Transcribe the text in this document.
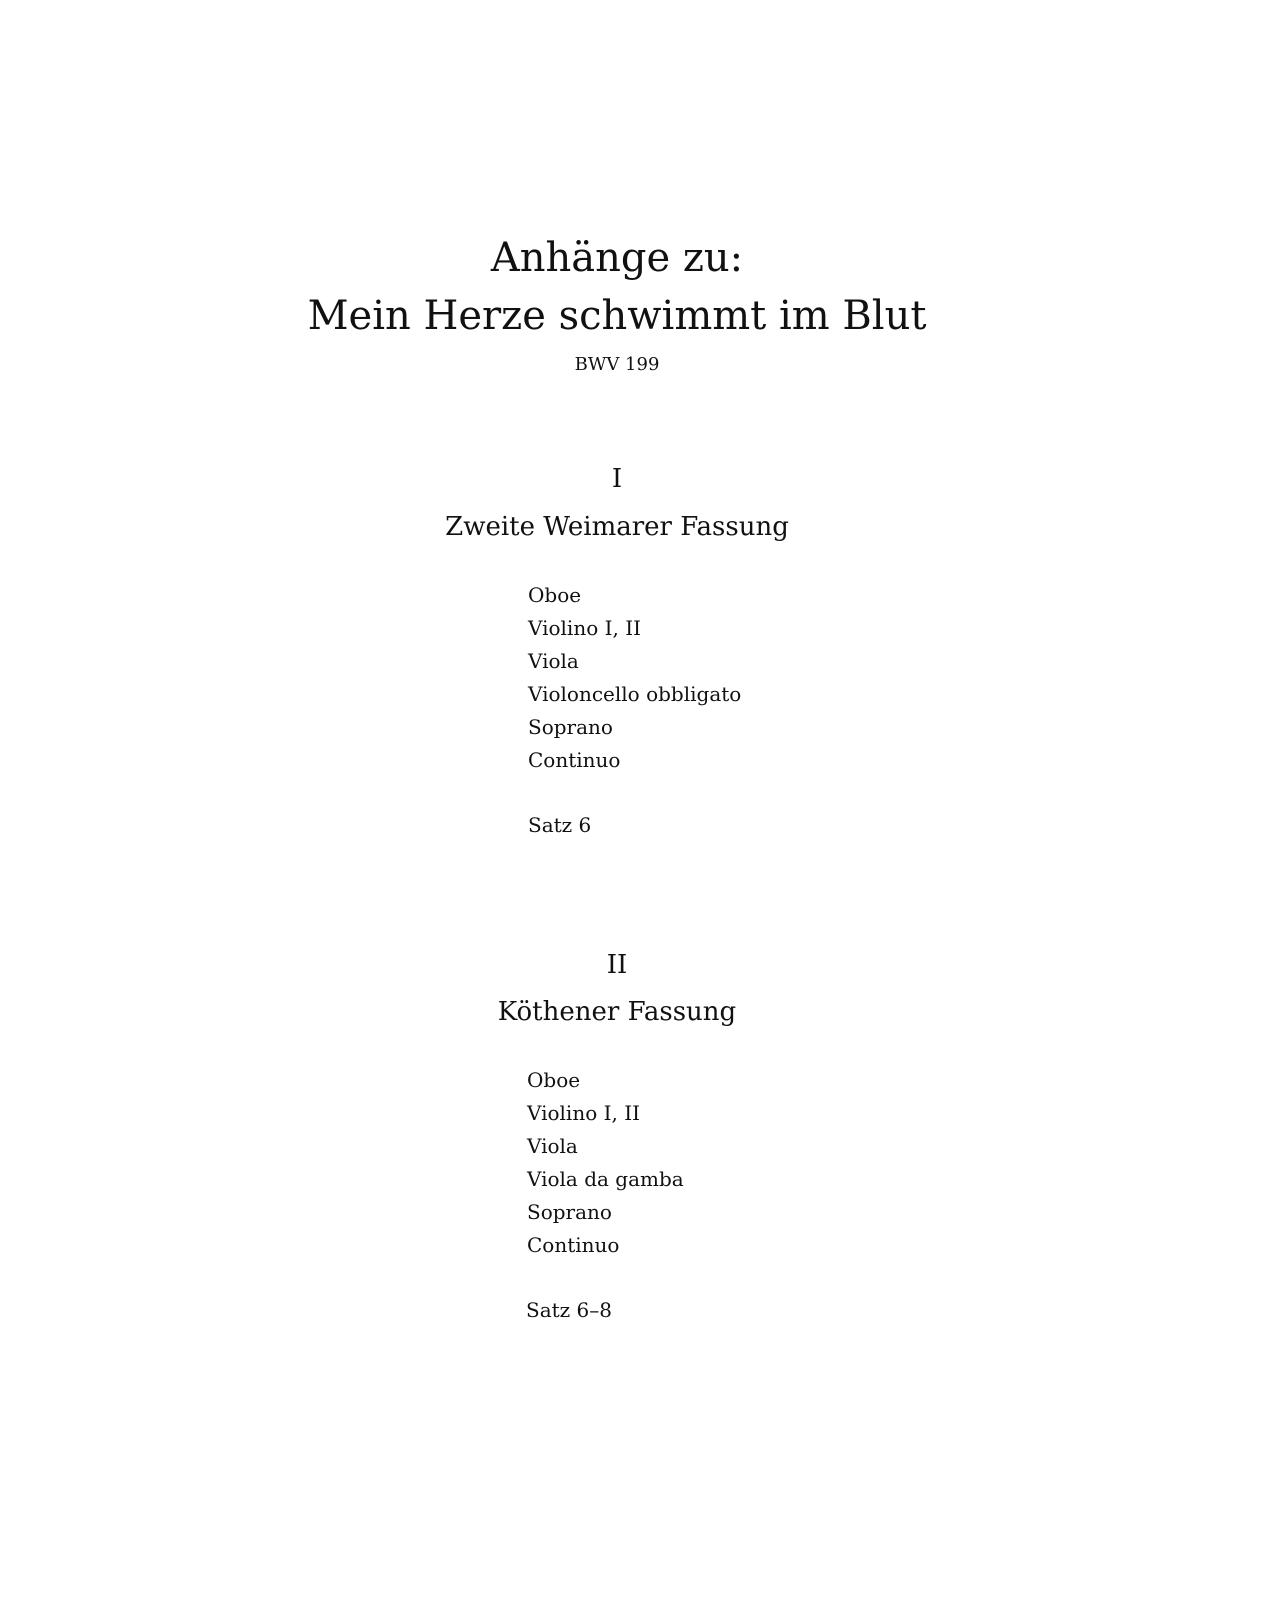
Anhänge zu:
Mein Herze schwimmt im Blut
BWV 199
I
Zweite Weimarer Fassung
Oboe
Violino I, II
Viola
Violoncello obbligato
Soprano
Continuo
Satz 6
II
Köthener Fassung
Oboe
Violino I, II
Viola
Viola da gamba
Soprano
Continuo
Satz 6–8
